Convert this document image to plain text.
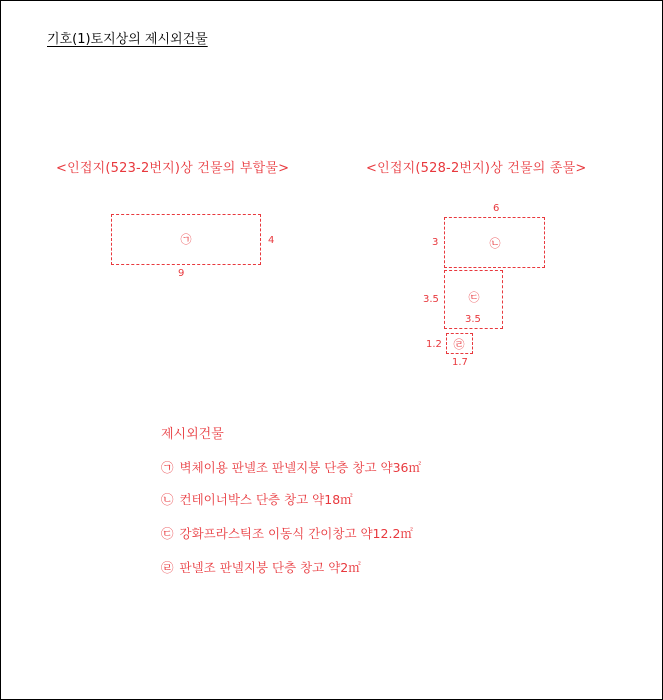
기호(1)토지상의 제시외건물
<인접지(523-2번지)상 건물의 부합물>
㉠	4
9
<인접지(528-2번지)상 건물의 종물>
6
㉡
3
㉢
3.5
3.5
㉣
1.2
1.7
제시외건물
㉠ 벽체이용 판넬조 판넬지붕 단층 창고 약36㎡
㉡ 컨테이너박스 단층 창고 약18㎡
㉢ 강화프라스틱조 이동식 간이창고 약12.2㎡
㉣ 판넬조 판넬지붕 단층 창고 약2㎡
